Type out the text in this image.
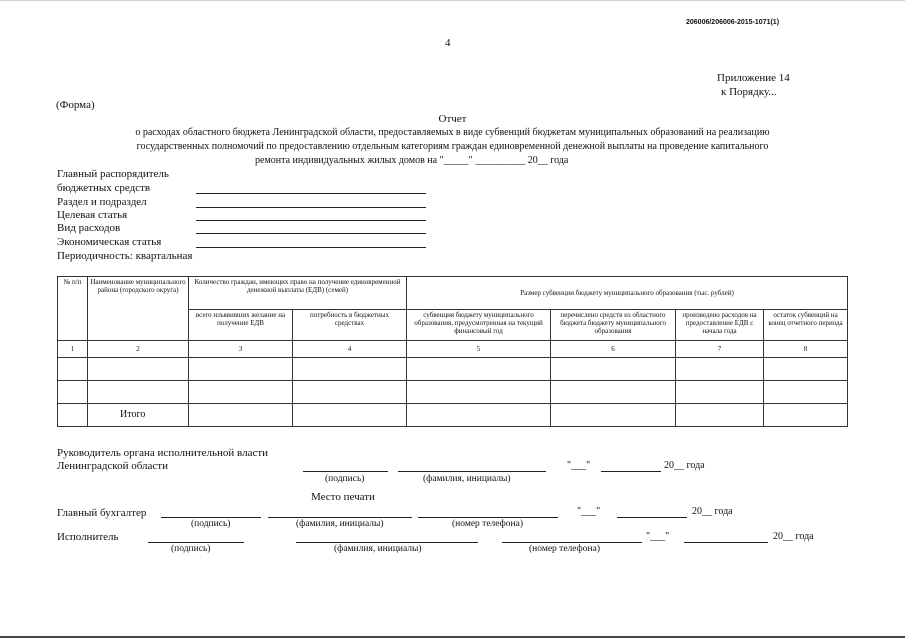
206006/206006-2015-1071(1)
4
Приложение 14
к Порядку...
(Форма)
Отчет
о расходах областного бюджета Ленинградской области, предоставляемых в виде субвенций бюджетам муниципальных образований на реализацию
государственных полномочий по предоставлению отдельным категориям граждан единовременной денежной выплаты на проведение капитального
ремонта индивидуальных жилых домов на "_____" __________ 20__ года
Главный распорядитель
бюджетных средств
Раздел и подраздел
Целевая статья
Вид расходов
Экономическая статья
Периодичность: квартальная
№ п/п	Наименование муниципального района (городского округа)	Количество граждан, имеющих право на получение единовременной денежной выплаты (ЕДВ) (семей)		Размер субвенции бюджету муниципального образования (тыс. рублей)			
		всего изъявивших желание на получение ЕДВ	потребность в бюджетных средствах	субвенция бюджету муниципального образования, предусмотренная на текущий финансовый год	перечислено средств из областного бюджета бюджету муниципального образования	произведено расходов на предоставление ЕДВ с начала года	остаток субвенций на конец отчетного периода
1	2	3	4	5	6	7	8

	Итого						
Руководитель органа исполнительной власти
Ленинградской области	"___"	20__ года
(подпись)	(фамилия, инициалы)
Место печати
Главный бухгалтер	"___"	20__ года
(подпись)	(фамилия, инициалы)	(номер телефона)
Исполнитель	"___"	20__ года
(подпись)	(фамилия, инициалы)	(номер телефона)
